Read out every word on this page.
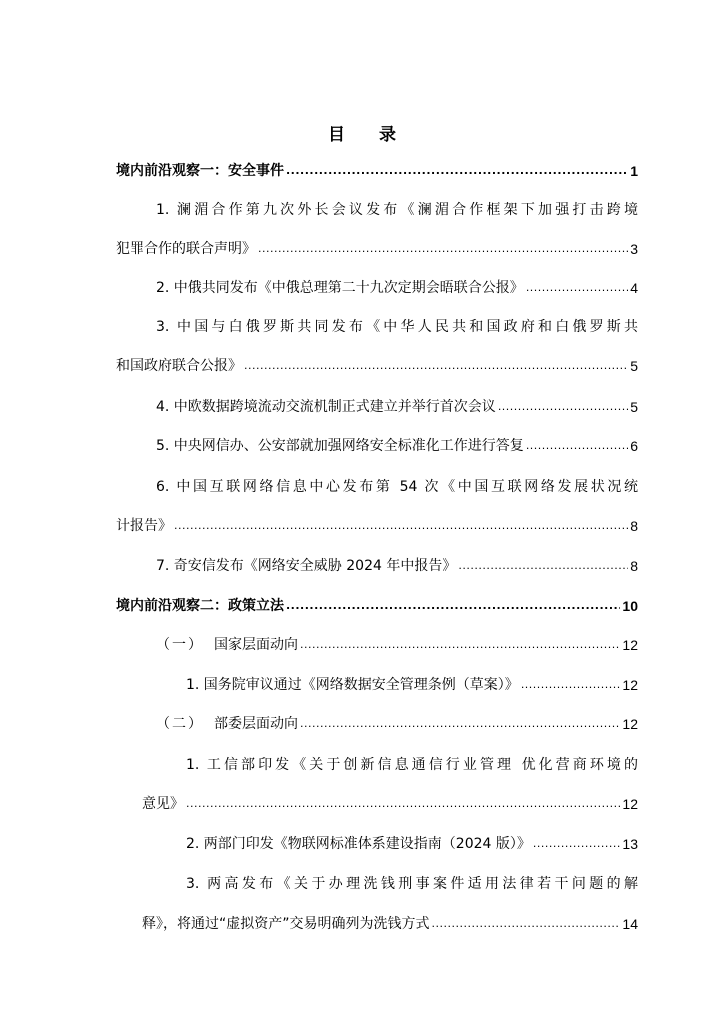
目 录
境内前沿观察一：安全事件 .....	1
1. 澜湄合作第九次外长会议发布《澜湄合作框架下加强打击跨境
犯罪合作的联合声明》 .....	3
2. 中俄共同发布《中俄总理第二十九次定期会晤联合公报》 .....	4
3. 中国与白俄罗斯共同发布《中华人民共和国政府和白俄罗斯共
和国政府联合公报》 .....	5
4. 中欧数据跨境流动交流机制正式建立并举行首次会议 .....	5
5. 中央网信办、公安部就加强网络安全标准化工作进行答复 .....	6
6. 中国互联网络信息中心发布第 54 次《中国互联网络发展状况统
计报告》 .....	8
7. 奇安信发布《网络安全威胁 2024 年中报告》 .....	8
境内前沿观察二：政策立法 .....	10
（一） 国家层面动向 .....	12
1. 国务院审议通过《网络数据安全管理条例（草案）》 .....	12
（二） 部委层面动向 .....	12
1. 工信部印发《关于创新信息通信行业管理 优化营商环境的
意见》 .....	12
2. 两部门印发《物联网标准体系建设指南（2024 版）》 .....	13
3. 两高发布《关于办理洗钱刑事案件适用法律若干问题的解
释》，将通过“虚拟资产”交易明确列为洗钱方式 .....	14
